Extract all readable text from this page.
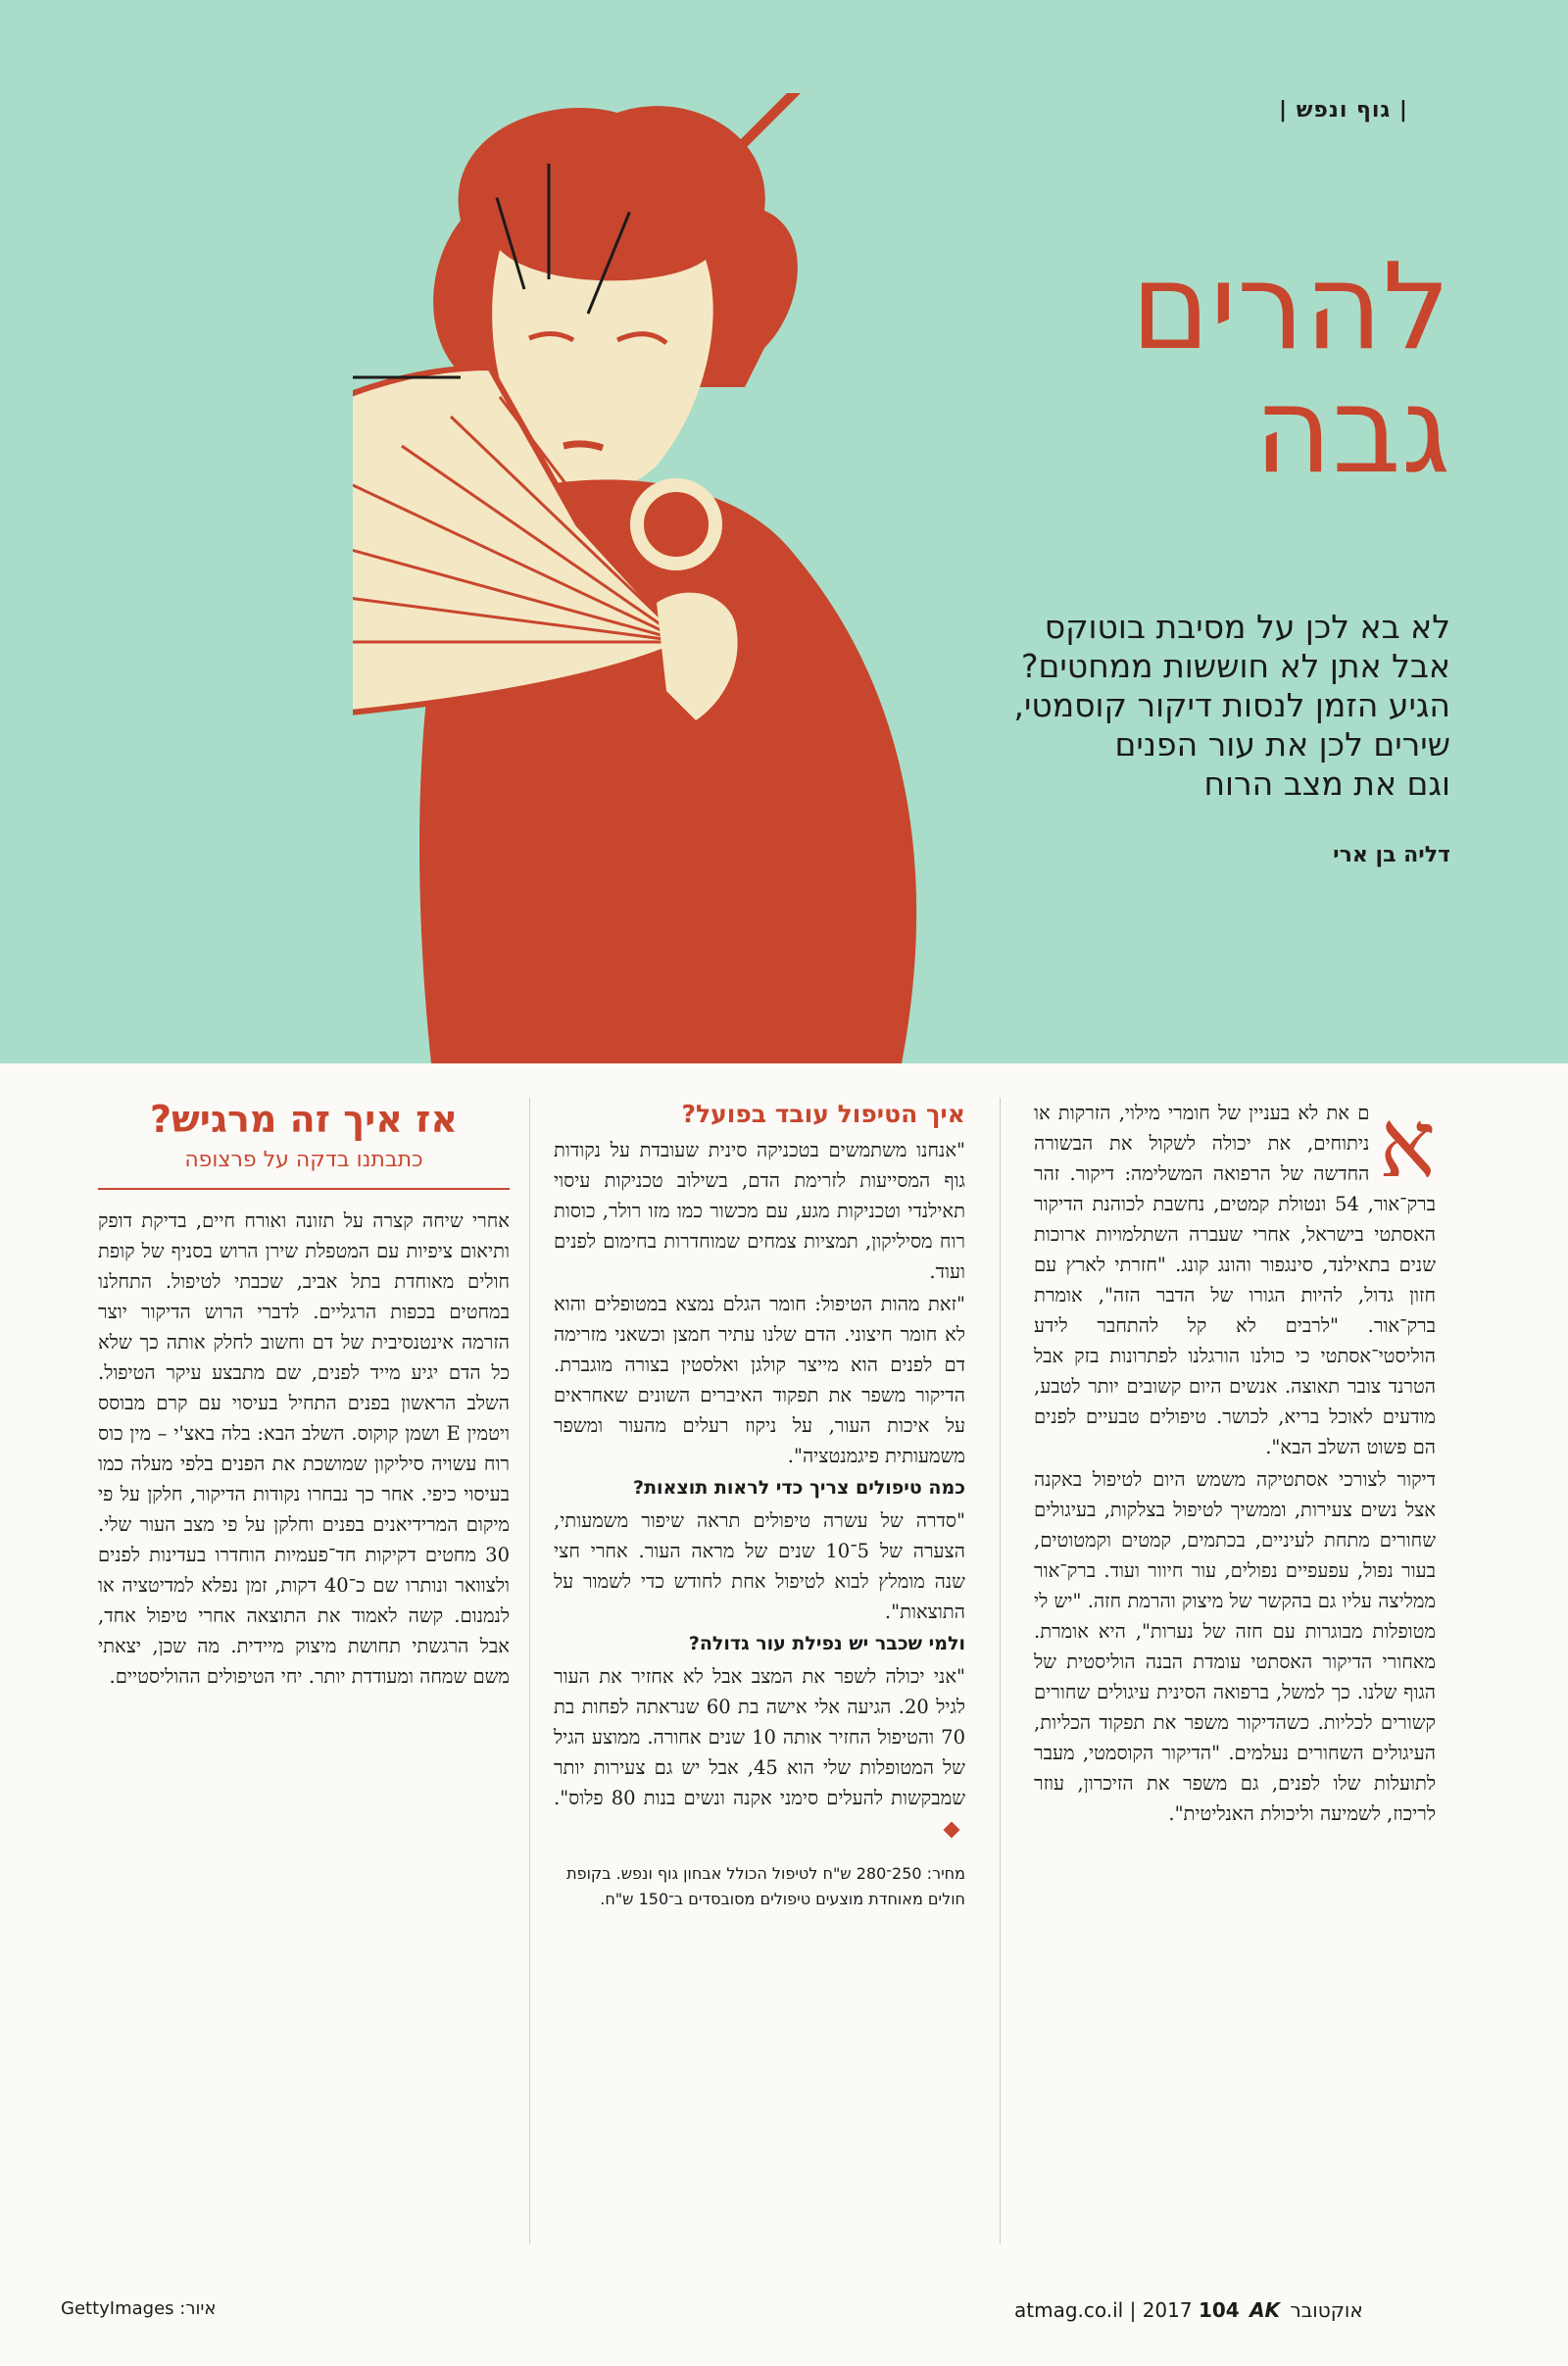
| גוף ונפש |
להרים
גבה
לא בא לכן על מסיבת בוטוקס
אבל אתן לא חוששות ממחטים?
הגיע הזמן לנסות דיקור קוסמטי,
שירים לכן את עור הפנים
וגם את מצב הרוח
דליה בן ארי
א

ם את לא בעניין של חומרי מילוי, הזרקות או ניתוחים, את יכולה לשקול את הבשורה החדשה של הרפואה המשלימה: דיקור. זהר ברק־אור, 54 ונטולת קמטים, נחשבת לכוהנת הדיקור האסתטי בישראל, אחרי שעברה השתלמויות ארוכות שנים בתאילנד, סינגפור והונג קונג. "חזרתי לארץ עם חזון גדול, להיות הגורו של הדבר הזה", אומרת ברק־אור. "לרבים לא קל להתחבר לידע הוליסטי־אסתטי כי כולנו הורגלנו לפתרונות בזק אבל הטרנד צובר תאוצה. אנשים היום קשובים יותר לטבע, מודעים לאוכל בריא, לכושר. טיפולים טבעיים לפנים הם פשוט השלב הבא".

דיקור לצורכי אסתטיקה משמש היום לטיפול באקנה אצל נשים צעירות, וממשיך לטיפול בצלקות, בעיגולים שחורים מתחת לעיניים, בכתמים, קמטים וקמטוטים, בעור נפול, עפעפיים נפולים, עור חיוור ועוד. ברק־אור ממליצה עליו גם בהקשר של מיצוק והרמת חזה. "יש לי מטופלות מבוגרות עם חזה של נערות", היא אומרת. מאחורי הדיקור האסתטי עומדת הבנה הוליסטית של הגוף שלנו. כך למשל, ברפואה הסינית עיגולים שחורים קשורים לכליות. כשהדיקור משפר את תפקוד הכליות, העיגולים השחורים נעלמים. "הדיקור הקוסמטי, מעבר לתועלות שלו לפנים, גם משפר את הזיכרון, עוזר לריכוז, לשמיעה וליכולת האנליטית".

איך הטיפול עובד בפועל?

"אנחנו משתמשים בטכניקה סינית שעובדת על נקודות גוף המסייעות לזרימת הדם, בשילוב טכניקות עיסוי תאילנדי וטכניקות מגע, עם מכשור כמו מזו רולר, כוסות רוח מסיליקון, תמציות צמחים שמוחדרות בחימום לפנים ועוד.

"זאת מהות הטיפול: חומר הגלם נמצא במטופלים והוא לא חומר חיצוני. הדם שלנו עתיר חמצן וכשאני מזרימה דם לפנים הוא מייצר קולגן ואלסטין בצורה מוגברת. הדיקור משפר את תפקוד האיברים השונים שאחראים על איכות העור, על ניקוז רעלים מהעור ומשפר משמעותית פיגמנטציה".

כמה טיפולים צריך כדי לראות תוצאות?

"סדרה של עשרה טיפולים תראה שיפור משמעותי, הצערה של 5־10 שנים של מראה העור. אחרי חצי שנה מומלץ לבוא לטיפול אחת לחודש כדי לשמור על התוצאות".

ולמי שכבר יש נפילת עור גדולה?

"אני יכולה לשפר את המצב אבל לא אחזיר את העור לגיל 20. הגיעה אלי אישה בת 60 שנראתה לפחות בת 70 והטיפול החזיר אותה 10 שנים אחורה. ממוצע הגיל של המטופלות שלי הוא 45, אבל יש גם צעירות יותר שמבקשות להעלים סימני אקנה ונשים בנות 80 פלוס".

מחיר: 250־280 ש"ח לטיפול הכולל אבחון גוף ונפש. בקופת חולים מאוחדת מוצעים טיפולים מסובסדים ב־150 ש"ח.
אז איך זה מרגיש?
כתבתנו בדקה על פרצופה

אחרי שיחה קצרה על תזונה ואורח חיים, בדיקת דופק ותיאום ציפיות עם המטפלת שירן הרוש בסניף של קופת חולים מאוחדת בתל אביב, שכבתי לטיפול. התחלנו במחטים בכפות הרגליים. לדברי הרוש הדיקור יוצר הזרמה אינטנסיבית של דם וחשוב לחלק אותה כך שלא כל הדם יגיע מייד לפנים, שם מתבצע עיקר הטיפול. השלב הראשון בפנים התחיל בעיסוי עם קרם מבוסס ויטמין E ושמן קוקוס. השלב הבא: בלה באצ'י – מין כוס רוח עשויה סיליקון שמושכת את הפנים בלפי מעלה כמו בעיסוי כיפי. אחר כך נבחרו נקודות הדיקור, חלקן על פי מיקום המרידיאנים בפנים וחלקן על פי מצב העור שלי. 30 מחטים דקיקות חד־פעמיות הוחדרו בעדינות לפנים ולצוואר ונותרו שם כ־40 דקות, זמן נפלא למדיטציה או לנמנום. קשה לאמוד את התוצאה אחרי טיפול אחד, אבל הרגשתי תחושת מיצוק מיידית. מה שכן, יצאתי משם שמחה ומעודדת יותר. יחי הטיפולים ההוליסטיים.

איור: GettyImages	atmag.co.il | 2017	אוקטובר AK 104
